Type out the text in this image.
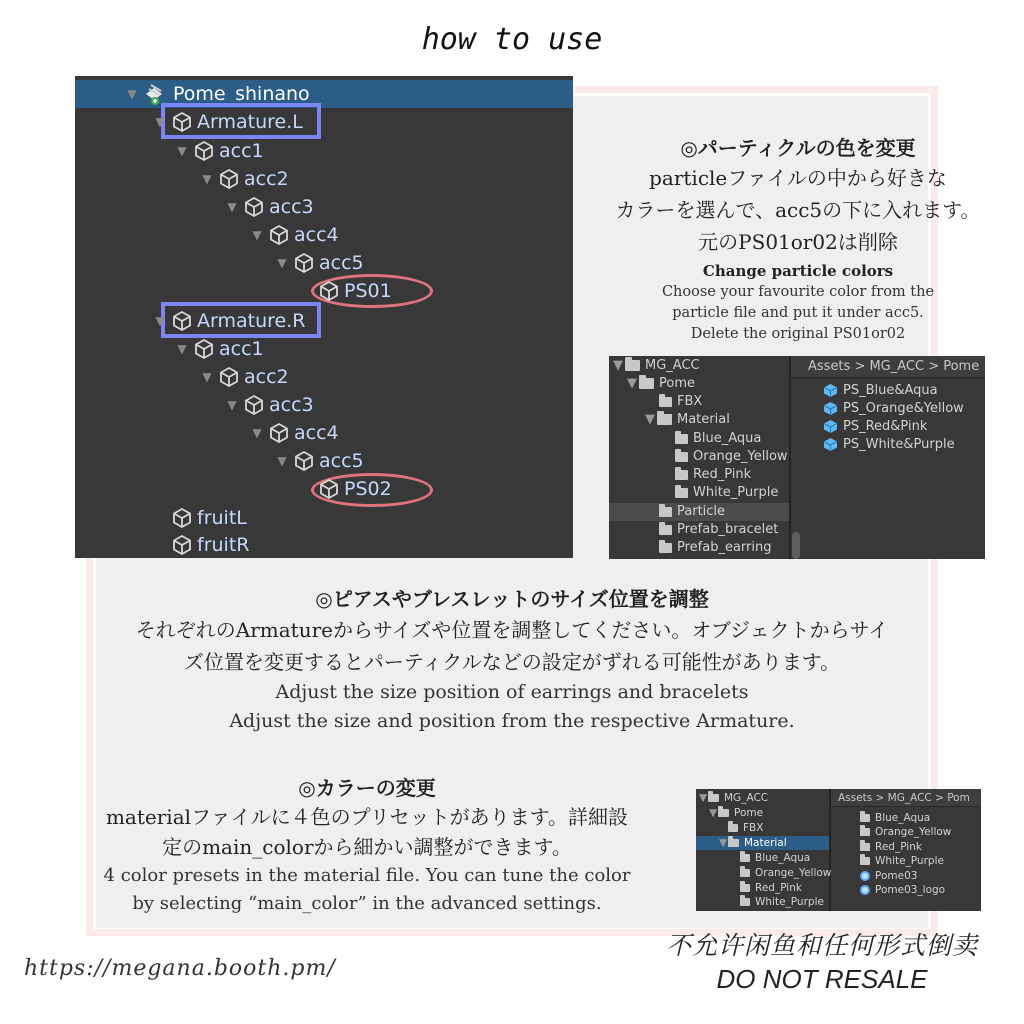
how to use
▼	Pome_shinano
▼	Armature.L
▼	acc1
▼	acc2
▼	acc3
▼	acc4
▼	acc5
PS01
▼	Armature.R
▼	acc1
▼	acc2
▼	acc3
▼	acc4
▼	acc5
PS02
fruitL
fruitR
◎パーティクルの色を変更
particleファイルの中から好きな
カラーを選んで、acc5の下に入れます。
元のPS01or02は削除
Change particle colors
Choose your favourite color from the
particle file and put it under acc5.
Delete the original PS01or02
▼ MG_ACC
▼ Pome
FBX
▼ Material
Blue_Aqua
Orange_Yellow
Red_Pink
White_Purple
Particle
Prefab_bracelet
Prefab_earring
Assets > MG_ACC > Pome
PS_Blue&Aqua
PS_Orange&Yellow
PS_Red&Pink
PS_White&Purple
◎ピアスやブレスレットのサイズ位置を調整
それぞれのArmatureからサイズや位置を調整してください。オブジェクトからサイ
ズ位置を変更するとパーティクルなどの設定がずれる可能性があります。
Adjust the size position of earrings and bracelets
Adjust the size and position from the respective Armature.
◎カラーの変更
materialファイルに４色のプリセットがあります。詳細設
定のmain_colorから細かい調整ができます。
4 color presets in the material file. You can tune the color
by selecting “main_color” in the advanced settings.
▼ MG_ACC
▼ Pome
FBX
▼ Material
Blue_Aqua
Orange_Yellow
Red_Pink
White_Purple
Assets > MG_ACC > Pom
Blue_Aqua
Orange_Yellow
Red_Pink
White_Purple
Pome03
Pome03_logo
不允许闲鱼和任何形式倒卖
DO NOT RESALE
https://megana.booth.pm/
